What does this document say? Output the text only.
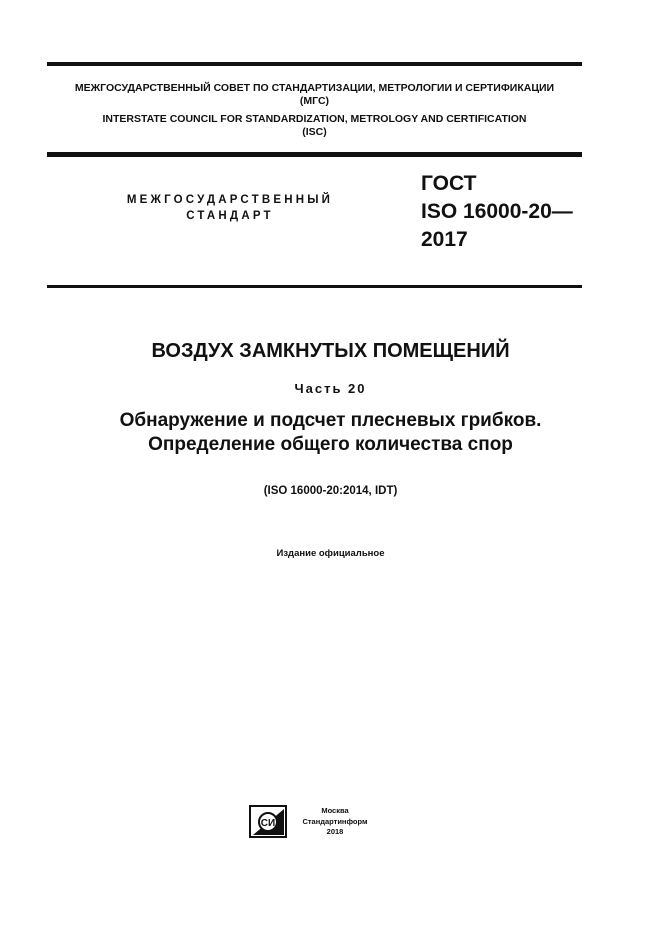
МЕЖГОСУДАРСТВЕННЫЙ СОВЕТ ПО СТАНДАРТИЗАЦИИ, МЕТРОЛОГИИ И СЕРТИФИКАЦИИ
(МГС)
INTERSTATE COUNCIL FOR STANDARDIZATION, METROLOGY AND CERTIFICATION
(ISC)
МЕЖГОСУДАРСТВЕННЫЙ
СТАНДАРТ
ГОСТ
ISO 16000-20—
2017
ВОЗДУХ ЗАМКНУТЫХ ПОМЕЩЕНИЙ
Часть 20
Обнаружение и подсчет плесневых грибков.
Определение общего количества спор
(ISO 16000-20:2014, IDT)
Издание официальное
СИ
Москва
Стандартинформ
2018
